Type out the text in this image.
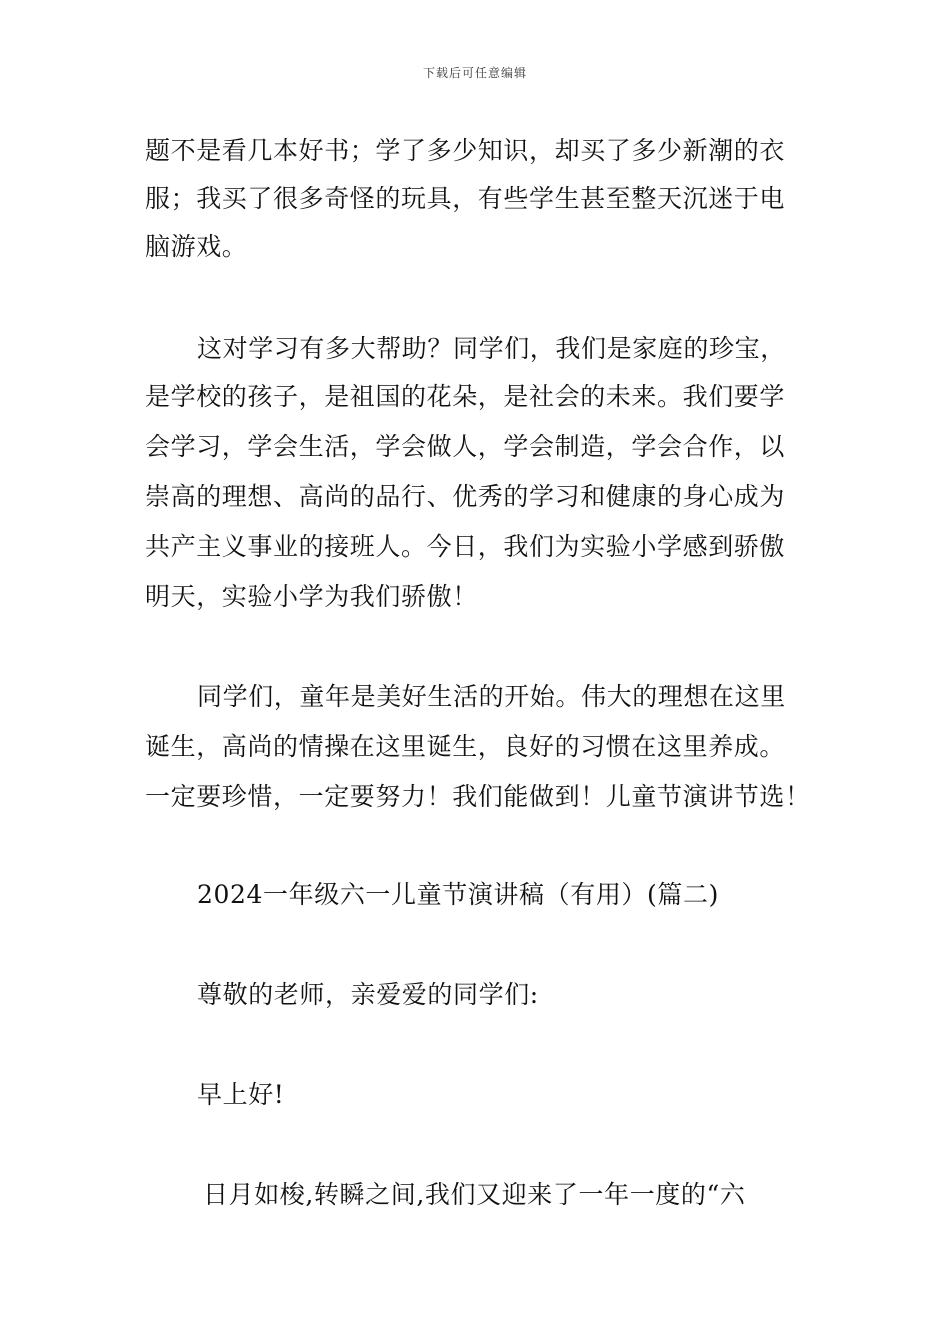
下载后可任意编辑
题不是看几本好书；学了多少知识，却买了多少新潮的衣
服；我买了很多奇怪的玩具，有些学生甚至整天沉迷于电
脑游戏。
这对学习有多大帮助？同学们，我们是家庭的珍宝，
是学校的孩子，是祖国的花朵，是社会的未来。我们要学
会学习，学会生活，学会做人，学会制造，学会合作，以
崇高的理想、高尚的品行、优秀的学习和健康的身心成为
共产主义事业的接班人。今日，我们为实验小学感到骄傲
明天，实验小学为我们骄傲！
同学们，童年是美好生活的开始。伟大的理想在这里
诞生，高尚的情操在这里诞生，良好的习惯在这里养成。
一定要珍惜，一定要努力！我们能做到！儿童节演讲节选！
2024一年级六一儿童节演讲稿（有用）(篇二)
尊敬的老师，亲爱爱的同学们:
早上好!
日月如梭,转瞬之间,我们又迎来了一年一度的“六
